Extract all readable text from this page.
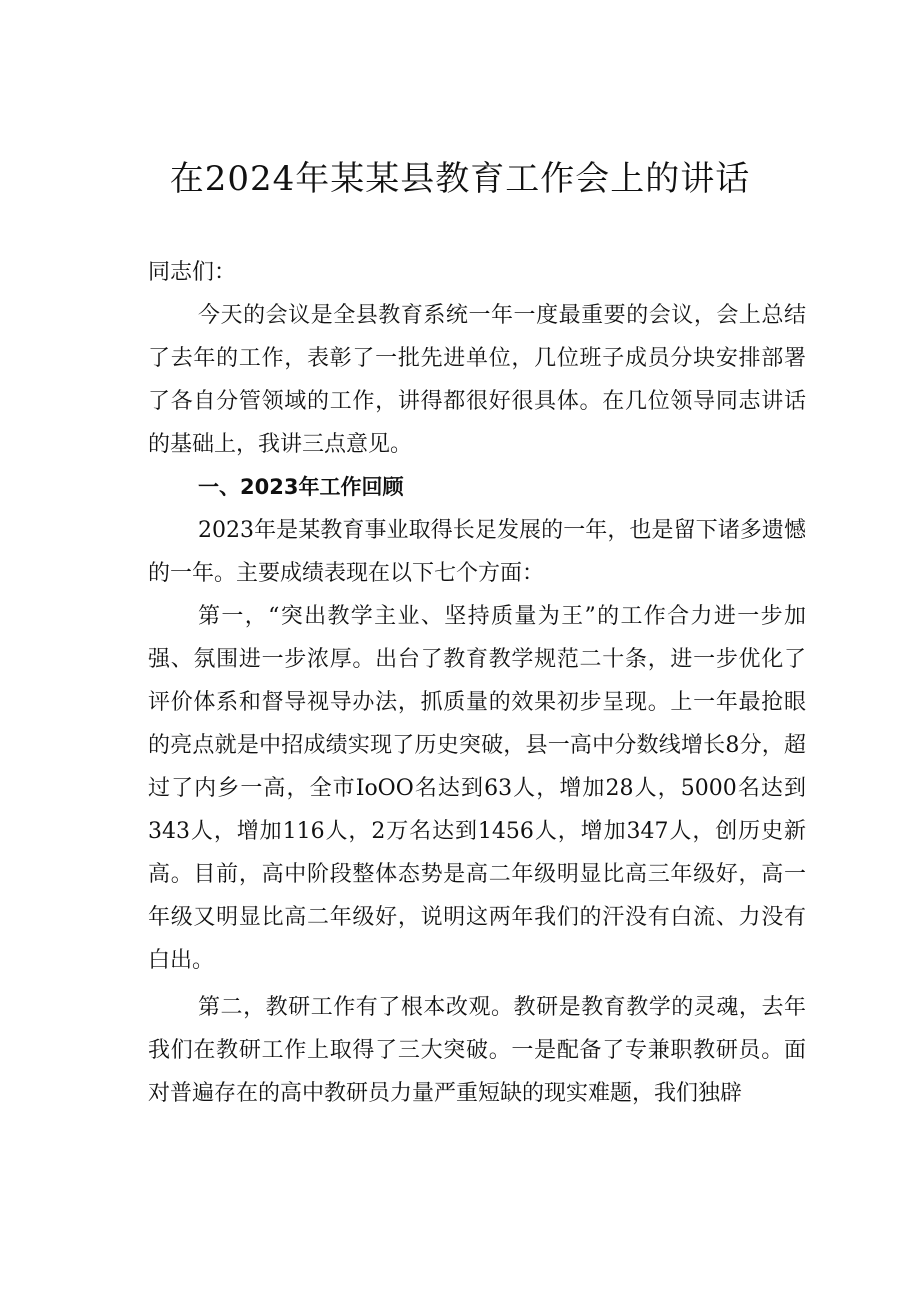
在2024年某某县教育工作会上的讲话

同志们：

今天的会议是全县教育系统一年一度最重要的会议，会上总结了去年的工作，表彰了一批先进单位，几位班子成员分块安排部署了各自分管领域的工作，讲得都很好很具体。在几位领导同志讲话的基础上，我讲三点意见。

一、2023年工作回顾

2023年是某教育事业取得长足发展的一年，也是留下诸多遗憾的一年。主要成绩表现在以下七个方面：

第一，“突出教学主业、坚持质量为王”的工作合力进一步加强、氛围进一步浓厚。出台了教育教学规范二十条，进一步优化了评价体系和督导视导办法，抓质量的效果初步呈现。上一年最抢眼的亮点就是中招成绩实现了历史突破，县一高中分数线增长8分，超过了内乡一高，全市IoOO名达到63人，增加28人，5000名达到343人，增加116人，2万名达到1456人，增加347人，创历史新高。目前，高中阶段整体态势是高二年级明显比高三年级好，高一年级又明显比高二年级好，说明这两年我们的汗没有白流、力没有白出。

第二，教研工作有了根本改观。教研是教育教学的灵魂，去年我们在教研工作上取得了三大突破。一是配备了专兼职教研员。面对普遍存在的高中教研员力量严重短缺的现实难题，我们独辟
